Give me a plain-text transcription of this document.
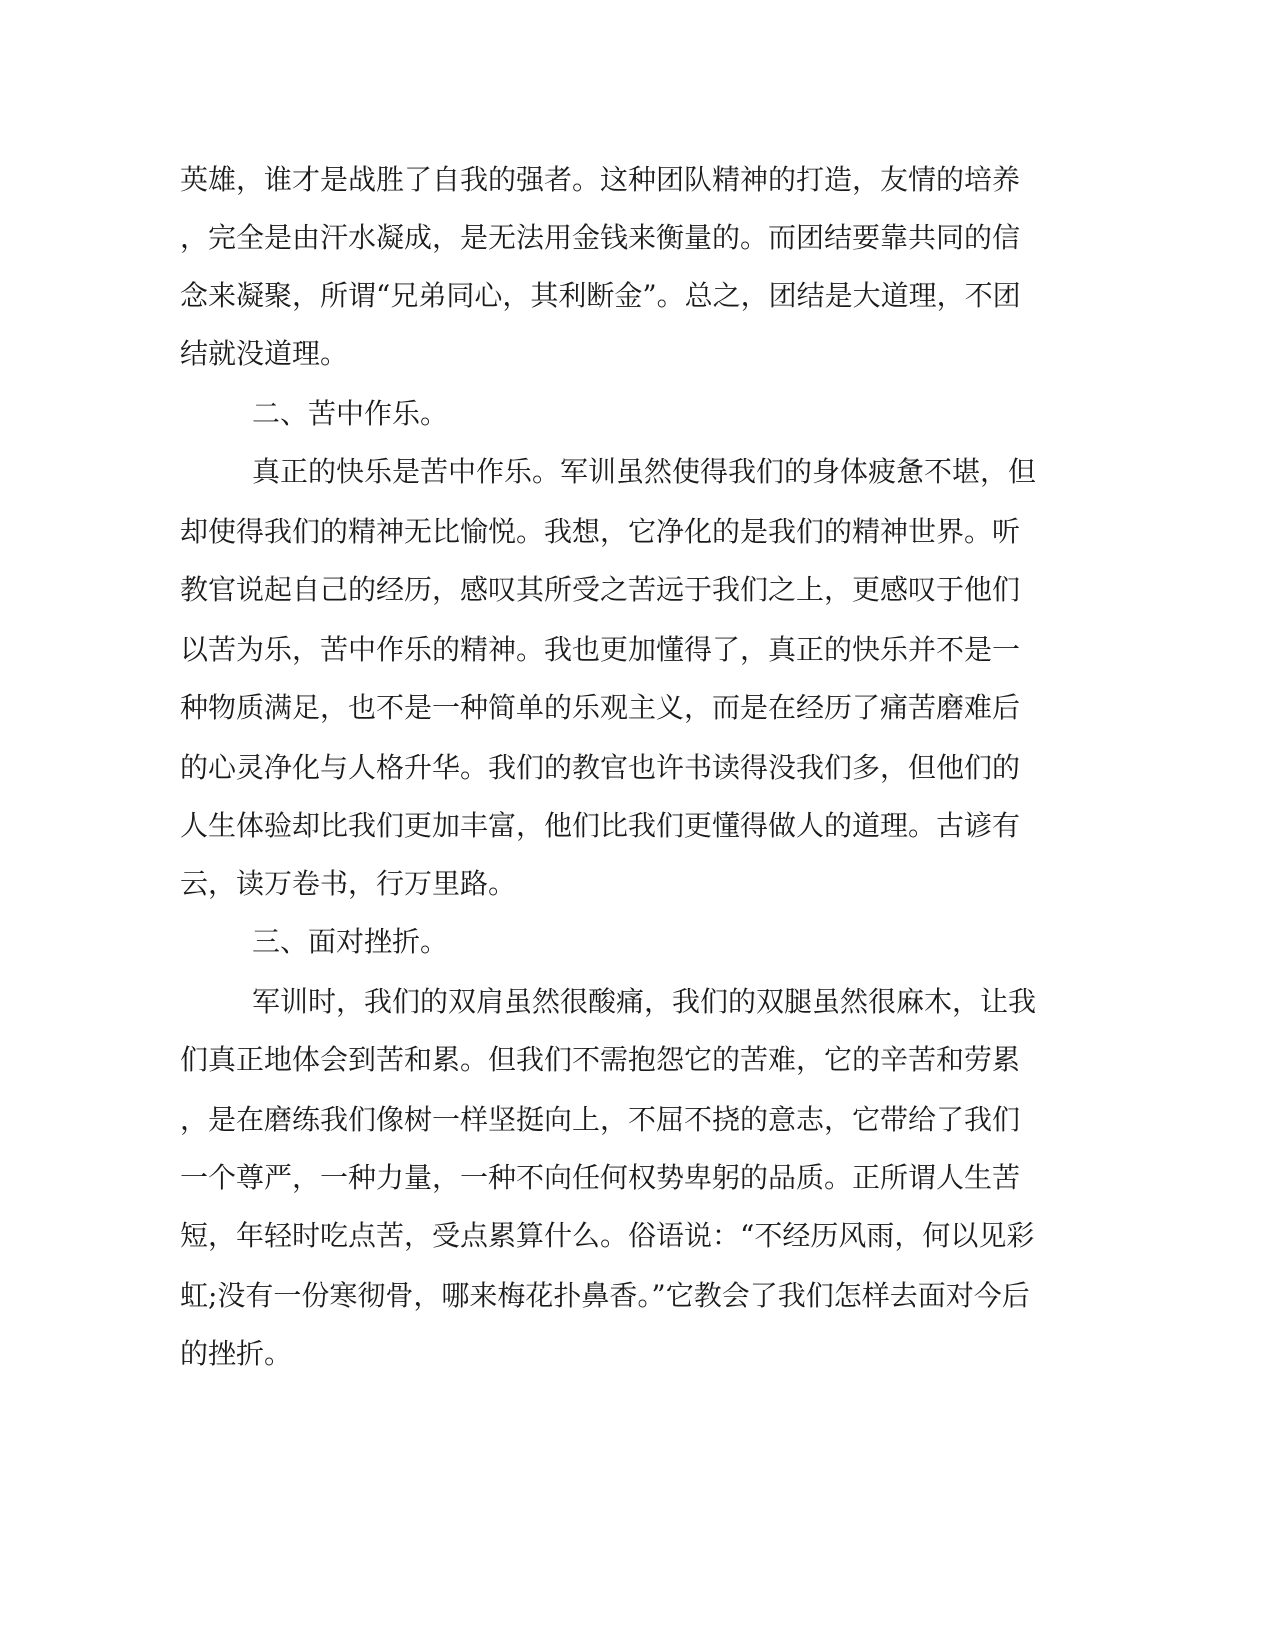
英雄，谁才是战胜了自我的强者。这种团队精神的打造，友情的培养
，完全是由汗水凝成，是无法用金钱来衡量的。而团结要靠共同的信
念来凝聚，所谓“兄弟同心，其利断金”。总之，团结是大道理，不团
结就没道理。
二、苦中作乐。
真正的快乐是苦中作乐。军训虽然使得我们的身体疲惫不堪，但
却使得我们的精神无比愉悦。我想，它净化的是我们的精神世界。听
教官说起自己的经历，感叹其所受之苦远于我们之上，更感叹于他们
以苦为乐，苦中作乐的精神。我也更加懂得了，真正的快乐并不是一
种物质满足，也不是一种简单的乐观主义，而是在经历了痛苦磨难后
的心灵净化与人格升华。我们的教官也许书读得没我们多，但他们的
人生体验却比我们更加丰富，他们比我们更懂得做人的道理。古谚有
云，读万卷书，行万里路。
三、面对挫折。
军训时，我们的双肩虽然很酸痛，我们的双腿虽然很麻木，让我
们真正地体会到苦和累。但我们不需抱怨它的苦难，它的辛苦和劳累
，是在磨练我们像树一样坚挺向上，不屈不挠的意志，它带给了我们
一个尊严，一种力量，一种不向任何权势卑躬的品质。正所谓人生苦
短，年轻时吃点苦，受点累算什么。俗语说：“不经历风雨，何以见彩
虹;没有一份寒彻骨，哪来梅花扑鼻香。”它教会了我们怎样去面对今后
的挫折。
